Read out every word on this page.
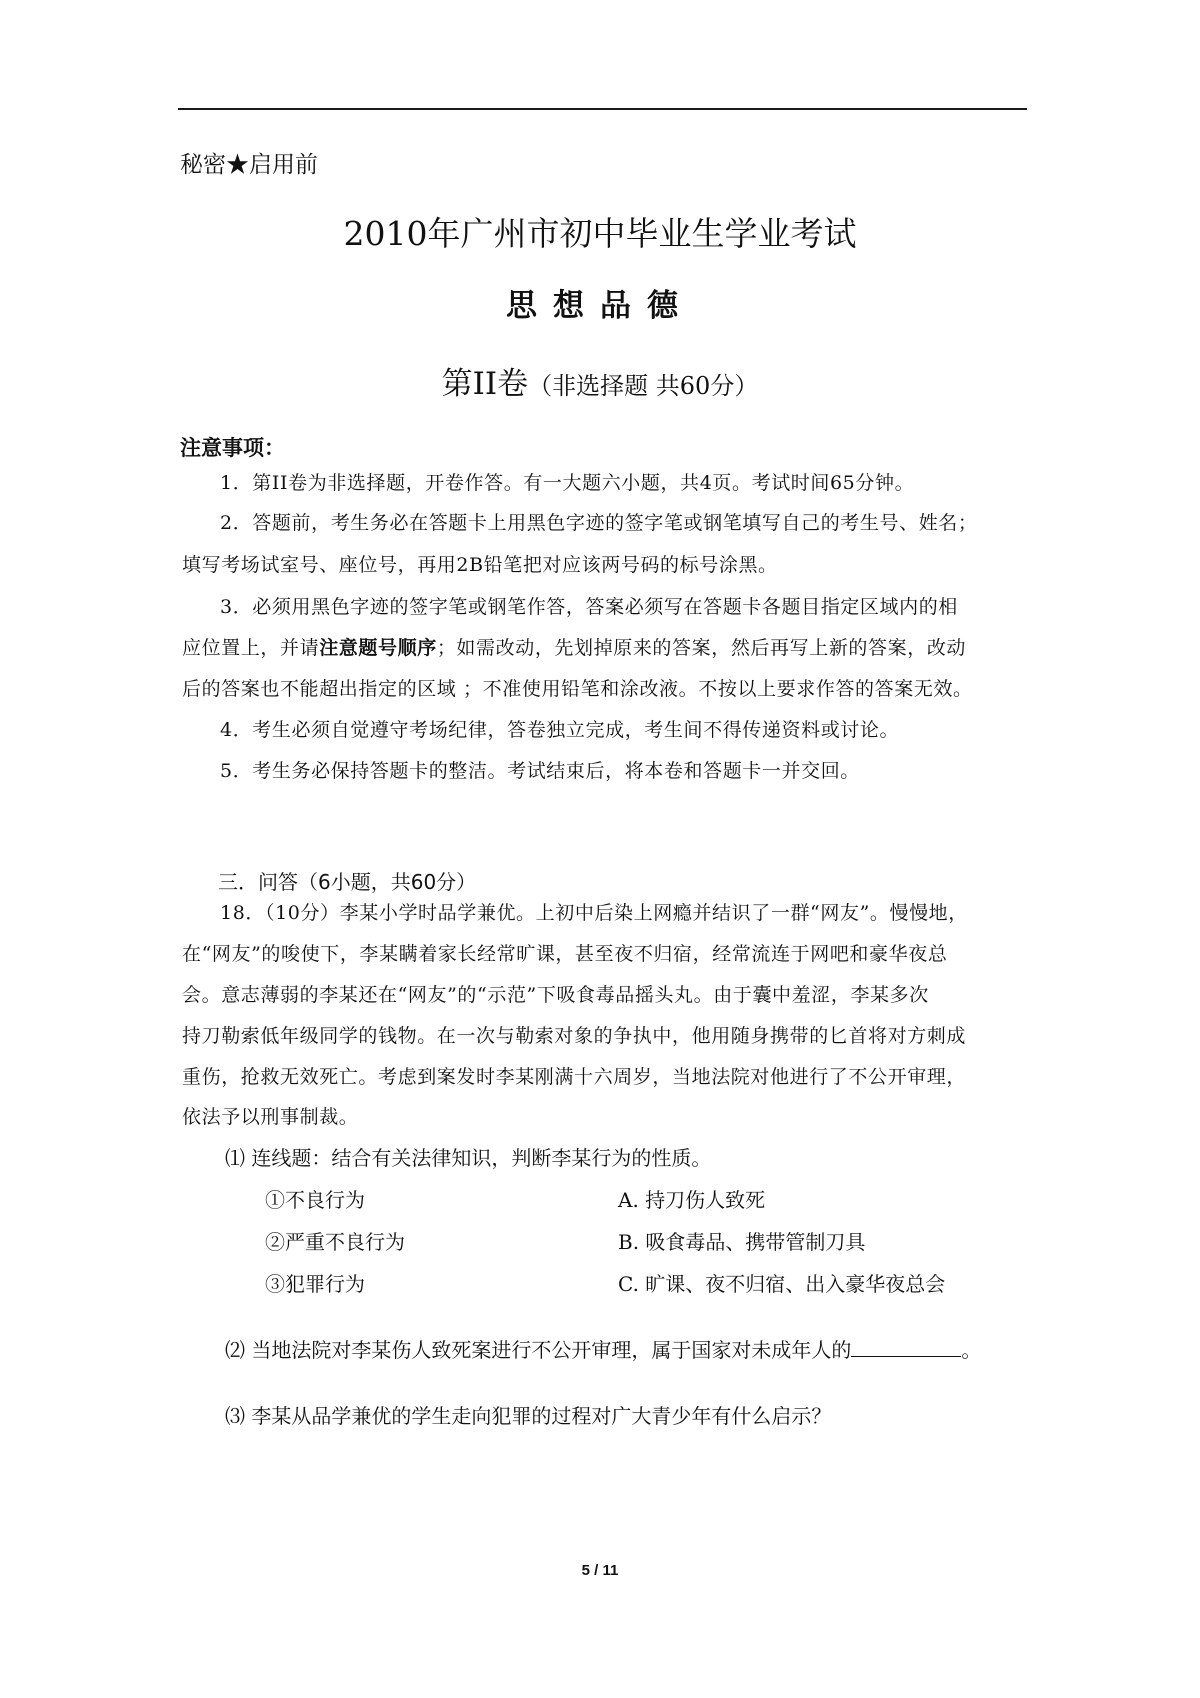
秘密★启用前
2010年广州市初中毕业生学业考试
思想品德
第II卷（非选择题 共60分）
注意事项：
1．第II卷为非选择题，开卷作答。有一大题六小题，共4页。考试时间65分钟。
2．答题前，考生务必在答题卡上用黑色字迹的签字笔或钢笔填写自己的考生号、姓名；
填写考场试室号、座位号，再用2B铅笔把对应该两号码的标号涂黑。
3．必须用黑色字迹的签字笔或钢笔作答，答案必须写在答题卡各题目指定区域内的相
应位置上，并请注意题号顺序；如需改动，先划掉原来的答案，然后再写上新的答案，改动
后的答案也不能超出指定的区域 ；不准使用铅笔和涂改液。不按以上要求作答的答案无效。
4．考生必须自觉遵守考场纪律，答卷独立完成，考生间不得传递资料或讨论。
5．考生务必保持答题卡的整洁。考试结束后，将本卷和答题卡一并交回。
三．问答（6小题，共60分）
18．（10分）李某小学时品学兼优。上初中后染上网瘾并结识了一群“网友”。慢慢地，
在“网友”的唆使下，李某瞒着家长经常旷课，甚至夜不归宿，经常流连于网吧和豪华夜总
会。意志薄弱的李某还在“网友”的“示范”下吸食毒品摇头丸。由于囊中羞涩，李某多次
持刀勒索低年级同学的钱物。在一次与勒索对象的争执中，他用随身携带的匕首将对方刺成
重伤，抢救无效死亡。考虑到案发时李某刚满十六周岁，当地法院对他进行了不公开审理，
依法予以刑事制裁。
⑴ 连线题：结合有关法律知识，判断李某行为的性质。
①不良行为
②严重不良行为
③犯罪行为
A. 持刀伤人致死
B. 吸食毒品、携带管制刀具
C. 旷课、夜不归宿、出入豪华夜总会
⑵ 当地法院对李某伤人致死案进行不公开审理，属于国家对未成年人的	。
⑶ 李某从品学兼优的学生走向犯罪的过程对广大青少年有什么启示？
5 / 11
